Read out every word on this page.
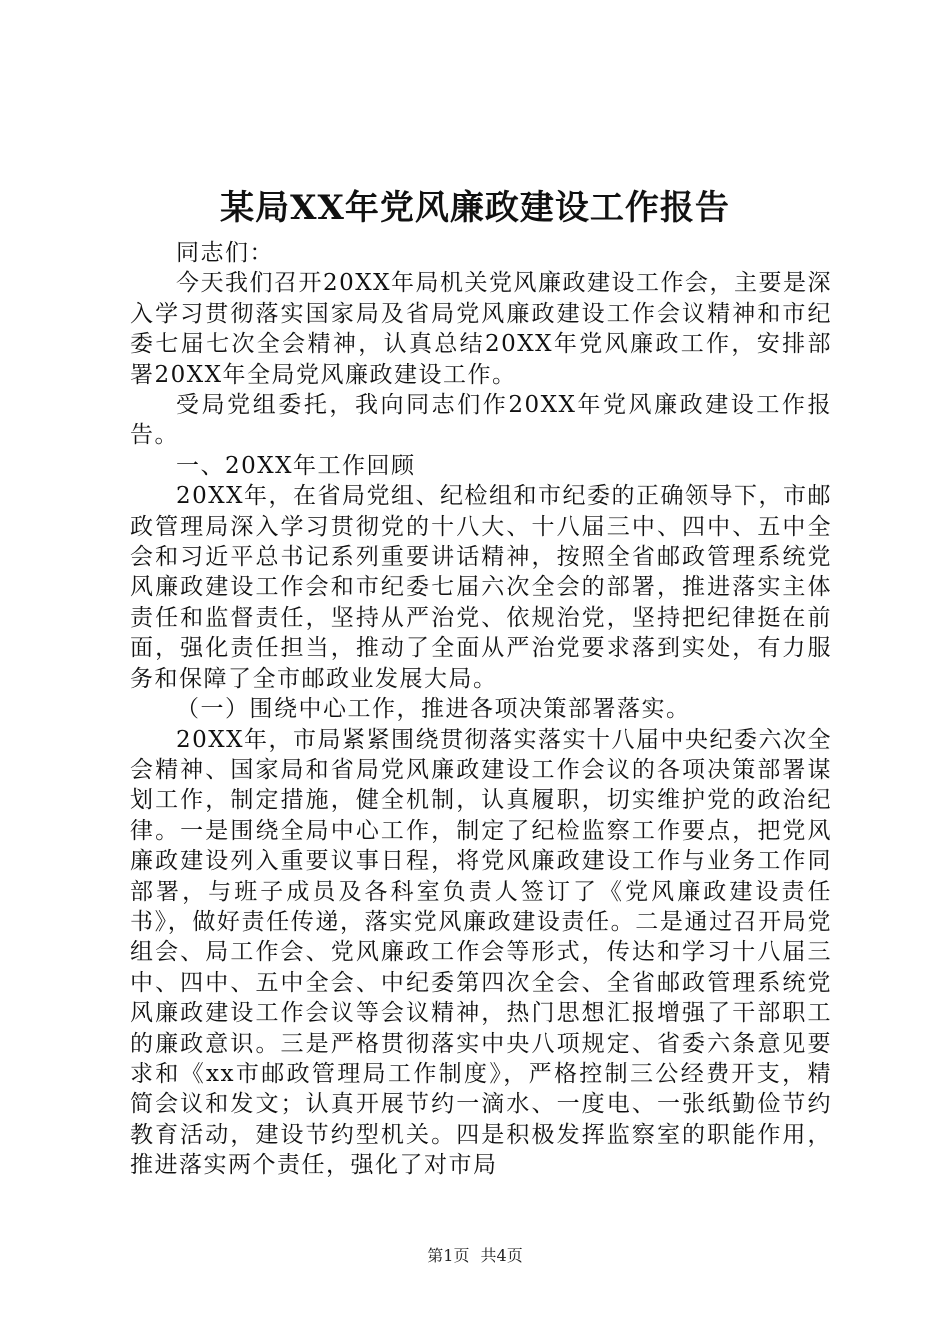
某局XX年党风廉政建设工作报告

同志们：

今天我们召开20XX年局机关党风廉政建设工作会，主要是深入学习贯彻落实国家局及省局党风廉政建设工作会议精神和市纪委七届七次全会精神，认真总结20XX年党风廉政工作，安排部署20XX年全局党风廉政建设工作。

受局党组委托，我向同志们作20XX年党风廉政建设工作报告。

一、20XX年工作回顾

20XX年，在省局党组、纪检组和市纪委的正确领导下，市邮政管理局深入学习贯彻党的十八大、十八届三中、四中、五中全会和习近平总书记系列重要讲话精神，按照全省邮政管理系统党风廉政建设工作会和市纪委七届六次全会的部署，推进落实主体责任和监督责任，坚持从严治党、依规治党，坚持把纪律挺在前面，强化责任担当，推动了全面从严治党要求落到实处，有力服务和保障了全市邮政业发展大局。

（一）围绕中心工作，推进各项决策部署落实。

20XX年，市局紧紧围绕贯彻落实落实十八届中央纪委六次全会精神、国家局和省局党风廉政建设工作会议的各项决策部署谋划工作，制定措施，健全机制，认真履职，切实维护党的政治纪律。一是围绕全局中心工作，制定了纪检监察工作要点，把党风廉政建设列入重要议事日程，将党风廉政建设工作与业务工作同部署，与班子成员及各科室负责人签订了《党风廉政建设责任书》，做好责任传递，落实党风廉政建设责任。二是通过召开局党组会、局工作会、党风廉政工作会等形式，传达和学习十八届三中、四中、五中全会、中纪委第四次全会、全省邮政管理系统党风廉政建设工作会议等会议精神，热门思想汇报增强了干部职工的廉政意识。三是严格贯彻落实中央八项规定、省委六条意见要求和《xx市邮政管理局工作制度》，严格控制三公经费开支，精简会议和发文；认真开展节约一滴水、一度电、一张纸勤俭节约教育活动，建设节约型机关。四是积极发挥监察室的职能作用，推进落实两个责任，强化了对市局

第1页 共4页
